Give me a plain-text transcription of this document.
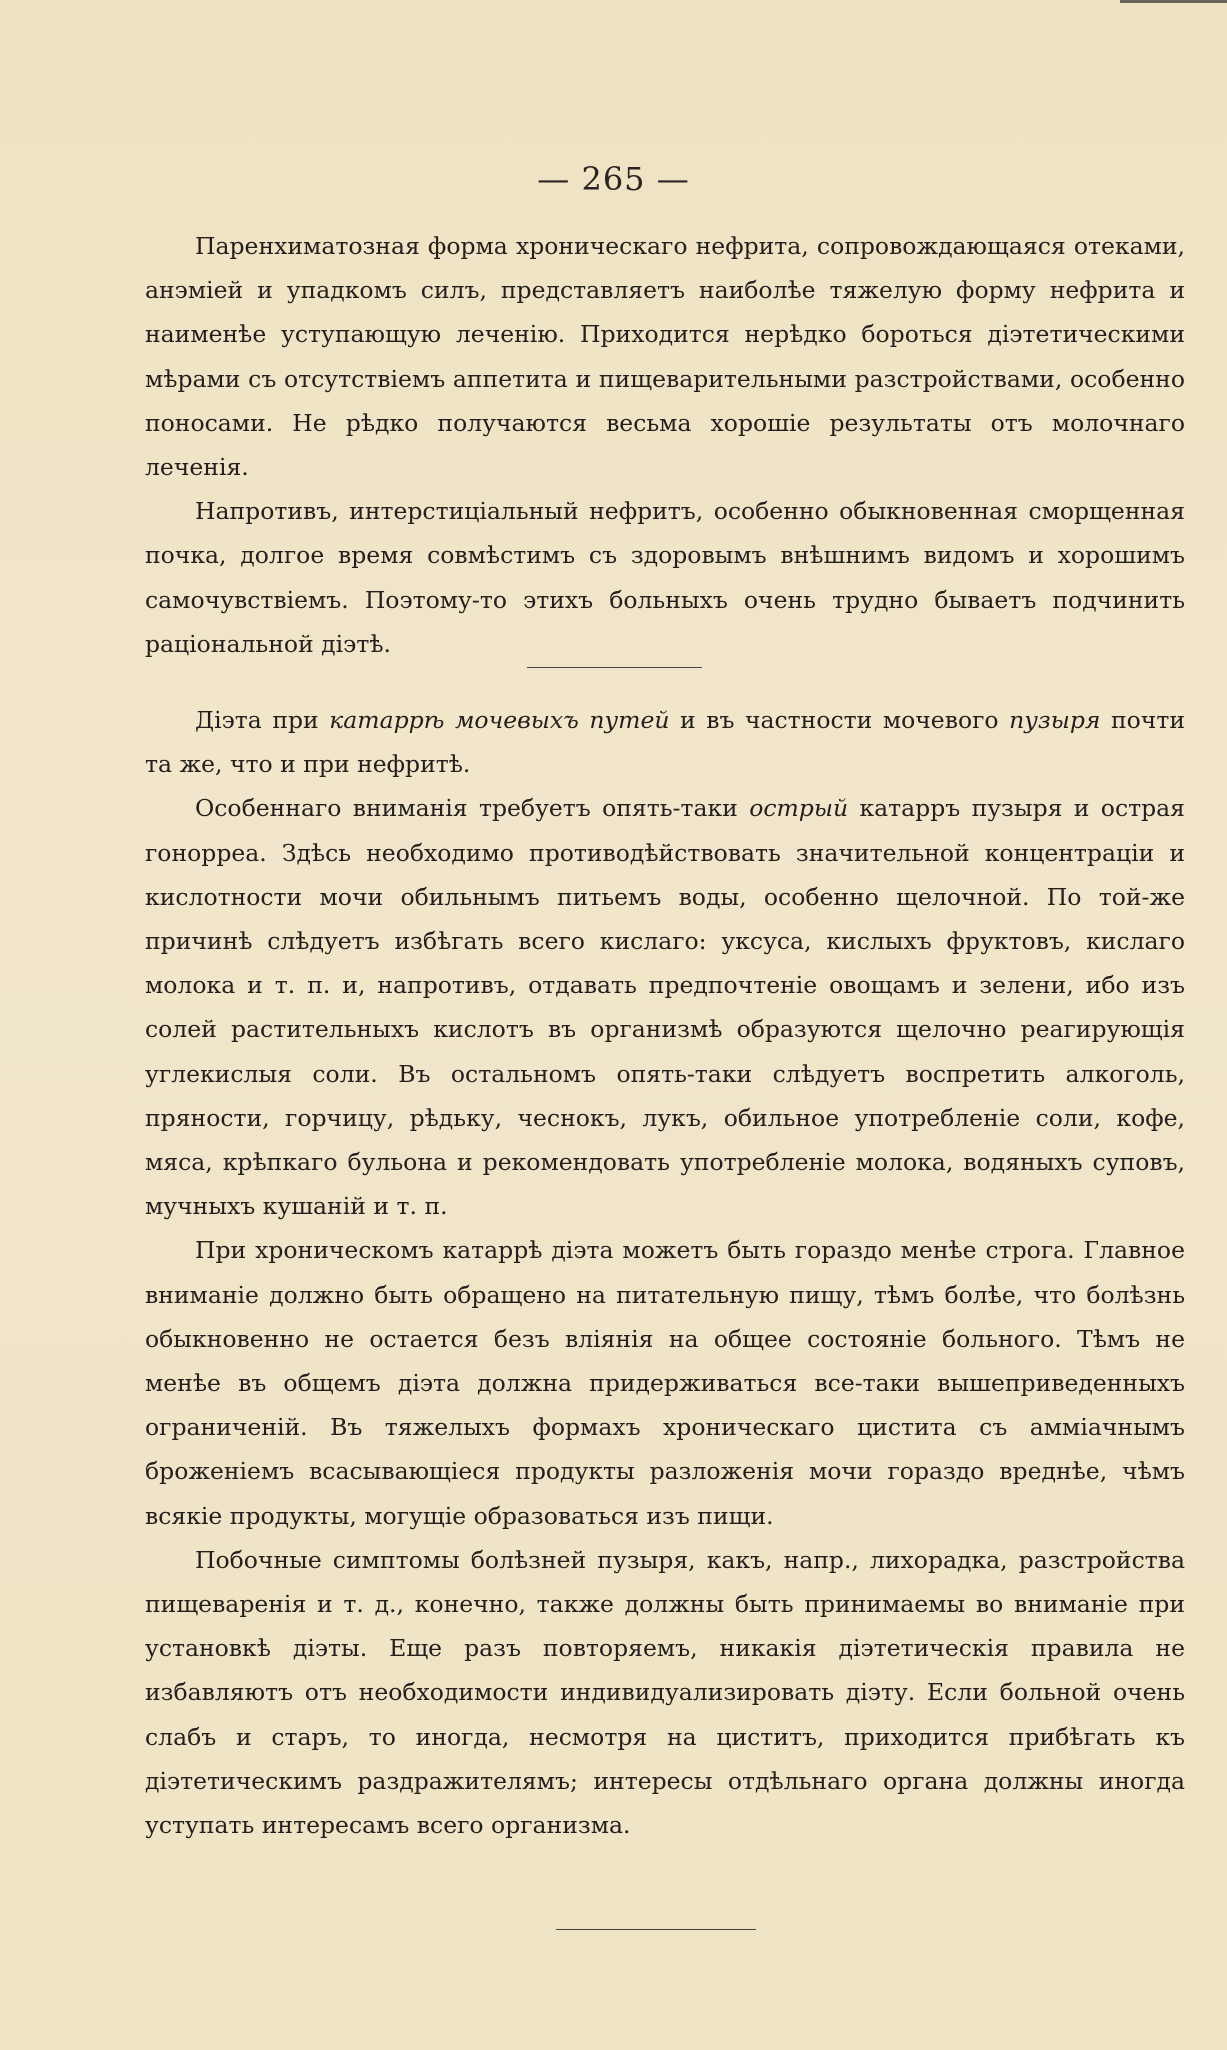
— 265 —

Паренхиматозная форма хроническаго нефрита, сопровождающаяся отеками, анэміей и упадкомъ силъ, представляетъ наиболѣе тяжелую форму нефрита и наименѣе уступающую леченію. Приходится нерѣдко бороться діэтетическими мѣрами съ отсутствіемъ аппетита и пищеварительными разстройствами, особенно поносами. Не рѣдко получаются весьма хорошіе результаты отъ молочнаго леченія.

Напротивъ, интерстиціальный нефритъ, особенно обыкновенная сморщенная почка, долгое время совмѣстимъ съ здоровымъ внѣшнимъ видомъ и хорошимъ самочувствіемъ. Поэтому-то этихъ больныхъ очень трудно бываетъ подчинить раціональной діэтѣ.

Діэта при катаррѣ мочевыхъ путей и въ частности мочевого пузыря почти та же, что и при нефритѣ.

Особеннаго вниманія требуетъ опять-таки острый катарръ пузыря и острая гонорреа. Здѣсь необходимо противодѣйствовать значительной концентраціи и кислотности мочи обильнымъ питьемъ воды, особенно щелочной. По той-же причинѣ слѣдуетъ избѣгать всего кислаго: уксуса, кислыхъ фруктовъ, кислаго молока и т. п. и, напротивъ, отдавать предпочтеніе овощамъ и зелени, ибо изъ солей растительныхъ кислотъ въ организмѣ образуются щелочно реагирующія углекислыя соли. Въ остальномъ опять-таки слѣдуетъ воспретить алкоголь, пряности, горчицу, рѣдьку, чеснокъ, лукъ, обильное употребленіе соли, кофе, мяса, крѣпкаго бульона и рекомендовать употребленіе молока, водяныхъ суповъ, мучныхъ кушаній и т. п.

При хроническомъ катаррѣ діэта можетъ быть гораздо менѣе строга. Главное вниманіе должно быть обращено на питательную пищу, тѣмъ болѣе, что болѣзнь обыкновенно не остается безъ вліянія на общее состояніе больного. Тѣмъ не менѣе въ общемъ діэта должна придерживаться все-таки вышеприведенныхъ ограниченій. Въ тяжелыхъ формахъ хроническаго цистита съ амміачнымъ броженіемъ всасывающіеся продукты разложенія мочи гораздо вреднѣе, чѣмъ всякіе продукты, могущіе образоваться изъ пищи.

Побочные симптомы болѣзней пузыря, какъ, напр., лихорадка, разстройства пищеваренія и т. д., конечно, также должны быть принимаемы во вниманіе при установкѣ діэты. Еще разъ повторяемъ, никакія діэтетическія правила не избавляютъ отъ необходимости индивидуализировать діэту. Если больной очень слабъ и старъ, то иногда, несмотря на циститъ, приходится прибѣгать къ діэтетическимъ раздражителямъ; интересы отдѣльнаго органа должны иногда уступать интересамъ всего организма.
